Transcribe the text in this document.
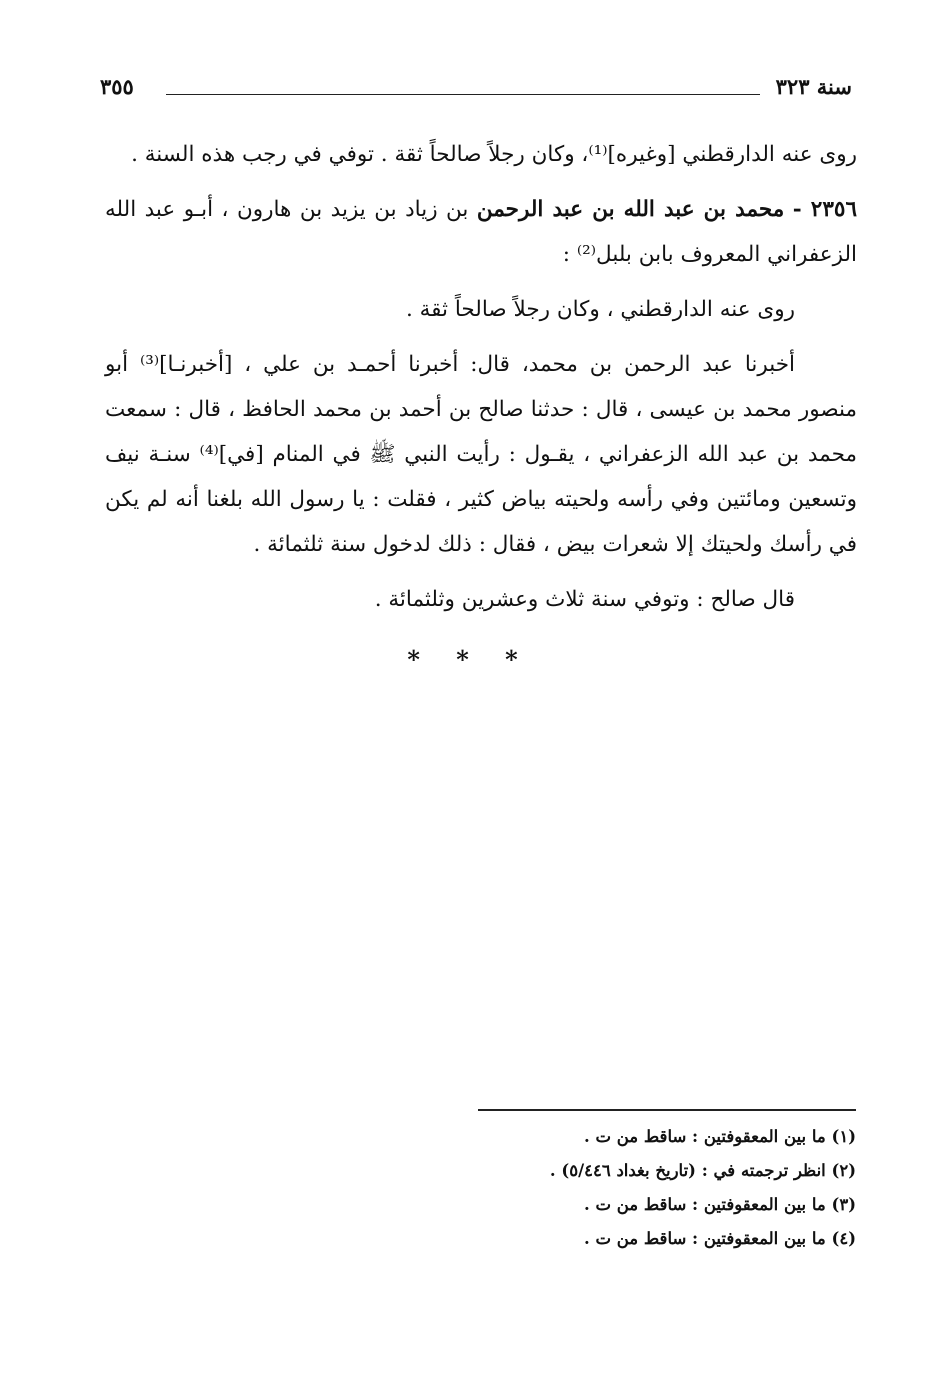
سنة ٣٢٣
٣٥٥

روى عنه الدارقطني [وغيره]⁽¹⁾، وكان رجلاً صالحاً ثقة . توفي في رجب هذه السنة .

٢٣٥٦ - محمد بن عبد الله بن عبد الرحمن بن زياد بن يزيد بن هارون ، أبـو عبد الله الزعفراني المعروف بابن بلبل⁽²⁾ :

روى عنه الدارقطني ، وكان رجلاً صالحاً ثقة .

أخبرنا عبد الرحمن بن محمد، قال: أخبرنا أحمـد بن علي ، [أخبرنـا]⁽³⁾ أبو منصور محمد بن عيسى ، قال : حدثنا صالح بن أحمد بن محمد الحافظ ، قال : سمعت محمد بن عبد الله الزعفراني ، يقـول : رأيت النبي ﷺ في المنام [في]⁽⁴⁾ سنـة نيف وتسعين ومائتين وفي رأسه ولحيته بياض كثير ، فقلت : يا رسول الله بلغنا أنه لم يكن في رأسك ولحيتك إلا شعرات بيض ، فقال : ذلك لدخول سنة ثلثمائة .

قال صالح : وتوفي سنة ثلاث وعشرين وثلثمائة .

* * *
(١) ما بين المعقوفتين : ساقط من ت .
(٢) انظر ترجمته في : (تاريخ بغداد ٥/٤٤٦) .
(٣) ما بين المعقوفتين : ساقط من ت .
(٤) ما بين المعقوفتين : ساقط من ت .
